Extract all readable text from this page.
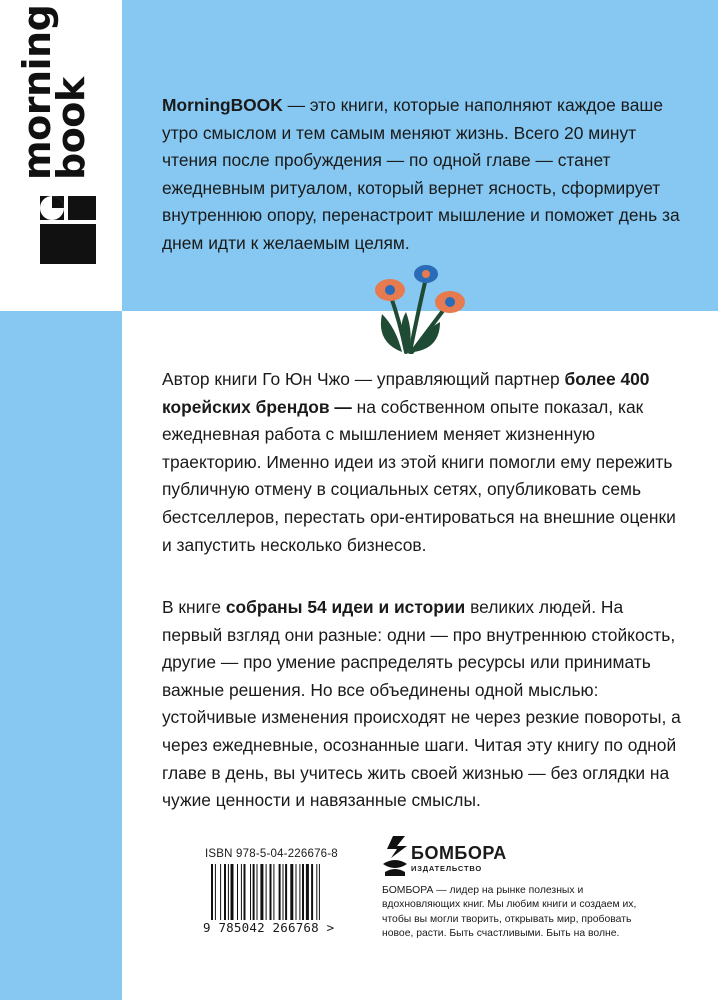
morning
book	MorningBOOK — это книги, которые наполняют каждое ваше утро смыслом и тем самым меняют жизнь. Всего 20 минут чтения после пробуждения — по одной главе — станет ежедневным ритуалом, который вернет ясность, сформирует внутреннюю опору, перенастроит мышление и поможет день за днем идти к желаемым целям.
Автор книги Го Юн Чжо — управляющий партнер более 400 корейских брендов — на собственном опыте показал, как ежедневная работа с мышлением меняет жизненную траекторию. Именно идеи из этой книги помогли ему пережить публичную отмену в социальных сетях, опубликовать семь бестселлеров, перестать ори-ентироваться на внешние оценки и запустить несколько бизнесов.
В книге собраны 54 идеи и истории великих людей. На первый взгляд они разные: одни — про внутреннюю стойкость, другие — про умение распределять ресурсы или принимать важные решения. Но все объединены одной мыслью: устойчивые изменения происходят не через резкие повороты, а через ежедневные, осознанные шаги. Читая эту книгу по одной главе в день, вы учитесь жить своей жизнью — без оглядки на чужие ценности и навязанные смыслы.
ISBN 978-5-04-226676-8
9 785042 266768 >
БОМБОРА
ИЗДАТЕЛЬСТВО
БОМБОРА — лидер на рынке полезных и вдохновляющих книг. Мы любим книги и создаем их, чтобы вы могли творить, открывать мир, пробовать новое, расти. Быть счастливыми. Быть на волне.
